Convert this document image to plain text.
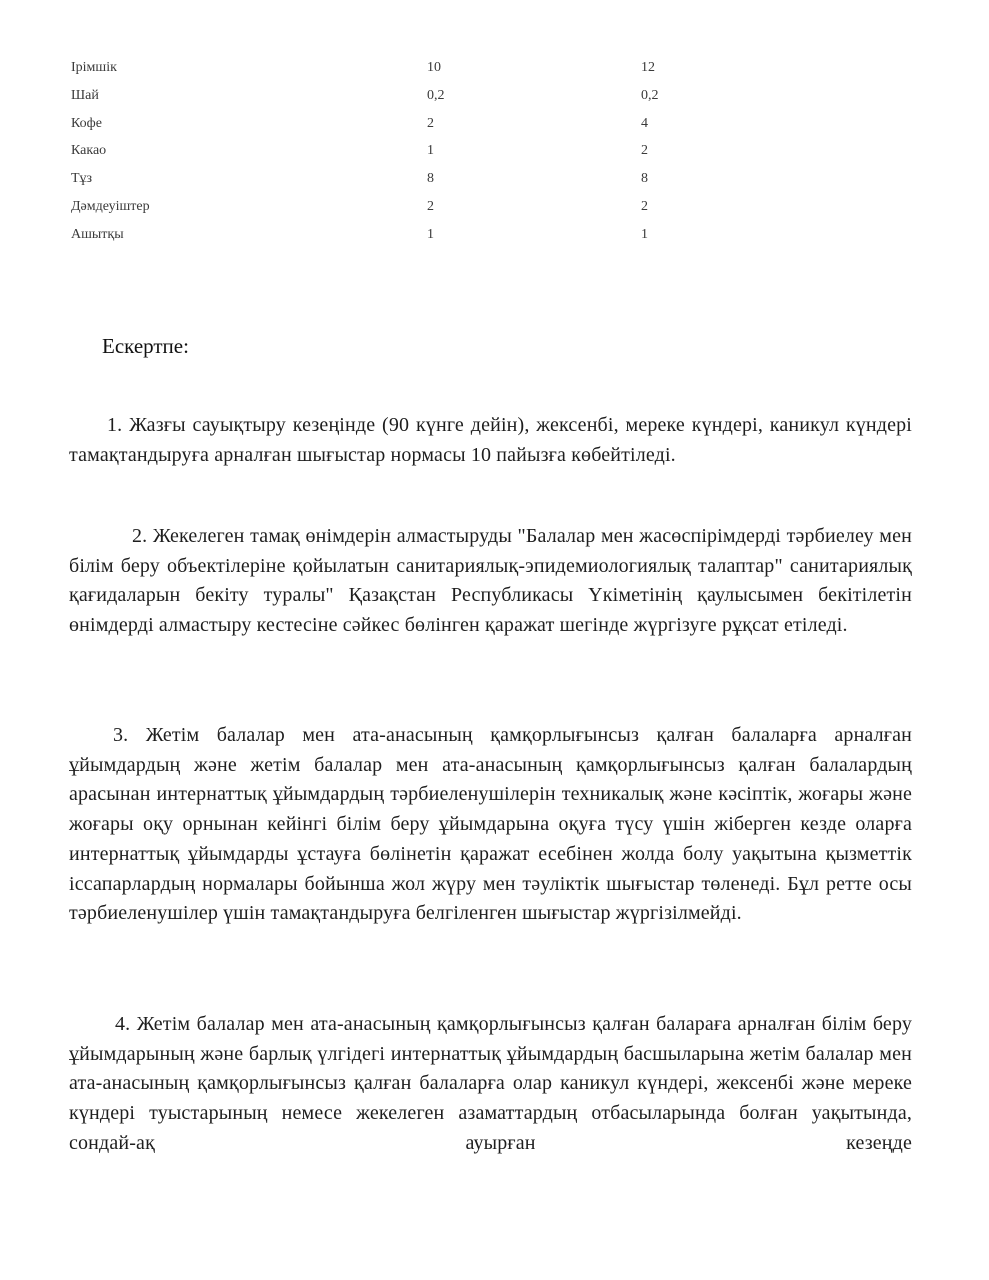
Ірімшік	10	12
Шай	0,2	0,2
Кофе	2	4
Какао	1	2
Тұз	8	8
Дәмдеуіштер	2	2
Ашытқы	1	1
Ескертпе:

1. Жазғы сауықтыру кезеңінде (90 күнге дейін), жексенбі, мереке күндері, каникул күндері тамақтандыруға арналған шығыстар нормасы 10 пайызға көбейтіледі.

2. Жекелеген тамақ өнімдерін алмастыруды "Балалар мен жасөспірімдерді тәрбиелеу мен білім беру объектілеріне қойылатын санитариялық-эпидемиологиялық талаптар" санитариялық қағидаларын бекіту туралы" Қазақстан Республикасы Үкіметінің қаулысымен бекітілетін өнімдерді алмастыру кестесіне сәйкес бөлінген қаражат шегінде жүргізуге рұқсат етіледі.

3. Жетім балалар мен ата-анасының қамқорлығынсыз қалған балаларға арналған ұйымдардың және жетім балалар мен ата-анасының қамқорлығынсыз қалған балалардың арасынан интернаттық ұйымдардың тәрбиеленушілерін техникалық және кәсіптік, жоғары және жоғары оқу орнынан кейінгі білім беру ұйымдарына оқуға түсу үшін жіберген кезде оларға интернаттық ұйымдарды ұстауға бөлінетін қаражат есебінен жолда болу уақытына қызметтік іссапарлардың нормалары бойынша жол жүру мен тәуліктік шығыстар төленеді. Бұл ретте осы тәрбиеленушілер үшін тамақтандыруға белгіленген шығыстар жүргізілмейді.

4. Жетім балалар мен ата-анасының қамқорлығынсыз қалған балараға арналған білім беру ұйымдарының және барлық үлгідегі интернаттық ұйымдардың басшыларына жетім балалар мен ата-анасының қамқорлығынсыз қалған балаларға олар каникул күндері, жексенбі және мереке күндері туыстарының немесе жекелеген азаматтардың отбасыларында болған уақытында, сондай-ақ ауырған кезеңде
